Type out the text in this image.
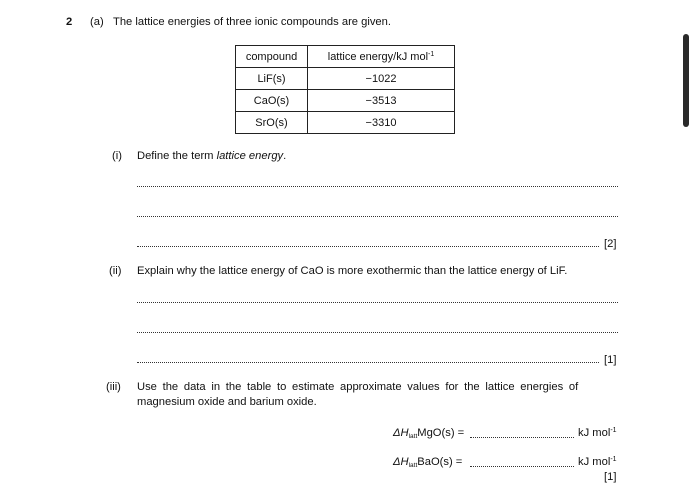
2 (a) The lattice energies of three ionic compounds are given.
compound	lattice energy/kJ mol$^{-1}$
LiF(s)	−1022
CaO(s)	−3513
SrO(s)	−3310
(i) Define the term lattice energy.
[2]
(ii) Explain why the lattice energy of CaO is more exothermic than the lattice energy of LiF.
[1]
(iii) Use the data in the table to estimate approximate values for the lattice energies of
magnesium oxide and barium oxide.
$\Delta H_{latt}MgO(s)$ =	kJ mol$^{-1}$
$\Delta H_{latt}BaO(s)$ =	kJ mol$^{-1}$
[1]
